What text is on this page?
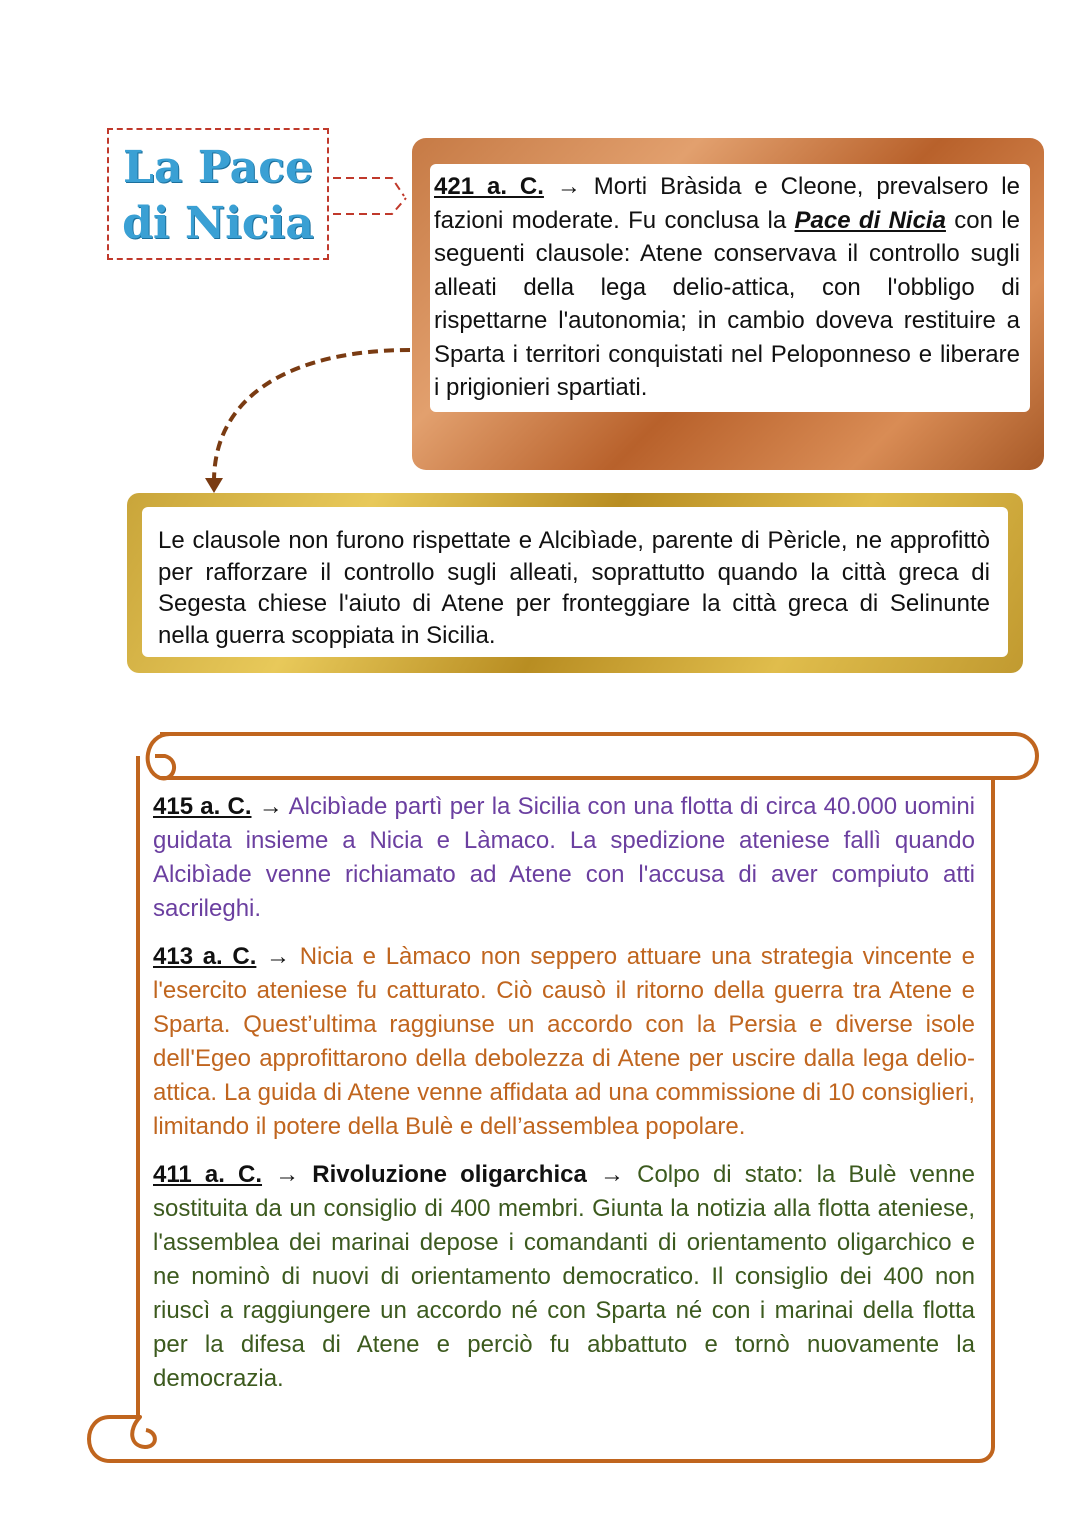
La Pace
di Nicia

421 a. C. → Morti Bràsida e Cleone, prevalsero le fazioni moderate. Fu conclusa la Pace di Nicia con le seguenti clausole: Atene conservava il controllo sugli alleati della lega delio-attica, con l'obbligo di rispettarne l'autonomia; in cambio doveva restituire a Sparta i territori conquistati nel Peloponneso e liberare i prigionieri spartiati.

Le clausole non furono rispettate e Alcibìade, parente di Pèricle, ne approfittò per rafforzare il controllo sugli alleati, soprattutto quando la città greca di Segesta chiese l'aiuto di Atene per fronteggiare la città greca di Selinunte nella guerra scoppiata in Sicilia.

415 a. C. → Alcibìade partì per la Sicilia con una flotta di circa 40.000 uomini guidata insieme a Nicia e Làmaco. La spedizione ateniese fallì quando Alcibìade venne richiamato ad Atene con l'accusa di aver compiuto atti sacrileghi.

413 a. C. → Nicia e Làmaco non seppero attuare una strategia vincente e l'esercito ateniese fu catturato. Ciò causò il ritorno della guerra tra Atene e Sparta. Quest’ultima raggiunse un accordo con la Persia e diverse isole dell'Egeo approfittarono della debolezza di Atene per uscire dalla lega delio-attica. La guida di Atene venne affidata ad una commissione di 10 consiglieri, limitando il potere della Bulè e dell’assemblea popolare.

411 a. C. → Rivoluzione oligarchica → Colpo di stato: la Bulè venne sostituita da un consiglio di 400 membri. Giunta la notizia alla flotta ateniese, l'assemblea dei marinai depose i comandanti di orientamento oligarchico e ne nominò di nuovi di orientamento democratico. Il consiglio dei 400 non riuscì a raggiungere un accordo né con Sparta né con i marinai della flotta per la difesa di Atene e perciò fu abbattuto e tornò nuovamente la democrazia.
